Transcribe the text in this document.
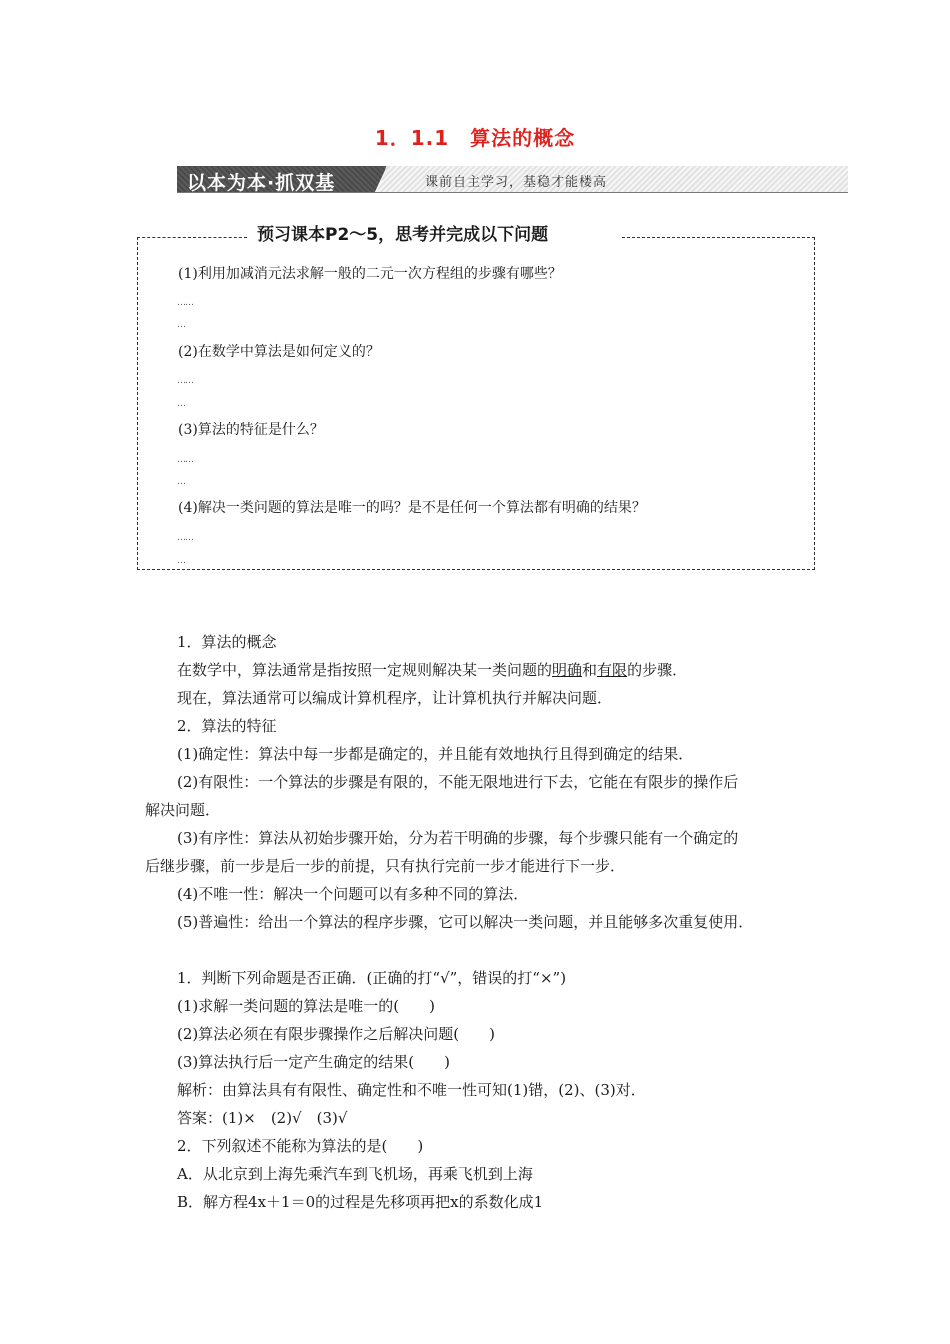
1．1.1　算法的概念
以本为本·抓双基	课前自主学习，基稳才能楼高
预习课本P2～5，思考并完成以下问题
(1)利用加减消元法求解一般的二元一次方程组的步骤有哪些？
……
…
(2)在数学中算法是如何定义的？
……
…
(3)算法的特征是什么？
……
…
(4)解决一类问题的算法是唯一的吗？是不是任何一个算法都有明确的结果？
……
…
1．算法的概念
在数学中，算法通常是指按照一定规则解决某一类问题的明确和有限的步骤．
现在，算法通常可以编成计算机程序，让计算机执行并解决问题．
2．算法的特征
(1)确定性：算法中每一步都是确定的，并且能有效地执行且得到确定的结果．
(2)有限性：一个算法的步骤是有限的，不能无限地进行下去，它能在有限步的操作后
解决问题．
(3)有序性：算法从初始步骤开始，分为若干明确的步骤，每个步骤只能有一个确定的
后继步骤，前一步是后一步的前提，只有执行完前一步才能进行下一步．
(4)不唯一性：解决一个问题可以有多种不同的算法．
(5)普遍性：给出一个算法的程序步骤，它可以解决一类问题，并且能够多次重复使用．
1．判断下列命题是否正确．(正确的打“√”，错误的打“×”)
(1)求解一类问题的算法是唯一的(　　)
(2)算法必须在有限步骤操作之后解决问题(　　)
(3)算法执行后一定产生确定的结果(　　)
解析：由算法具有有限性、确定性和不唯一性可知(1)错，(2)、(3)对．
答案：(1)×　(2)√　(3)√
2．下列叙述不能称为算法的是(　　)
A．从北京到上海先乘汽车到飞机场，再乘飞机到上海
B．解方程4x＋1＝0的过程是先移项再把x的系数化成1
